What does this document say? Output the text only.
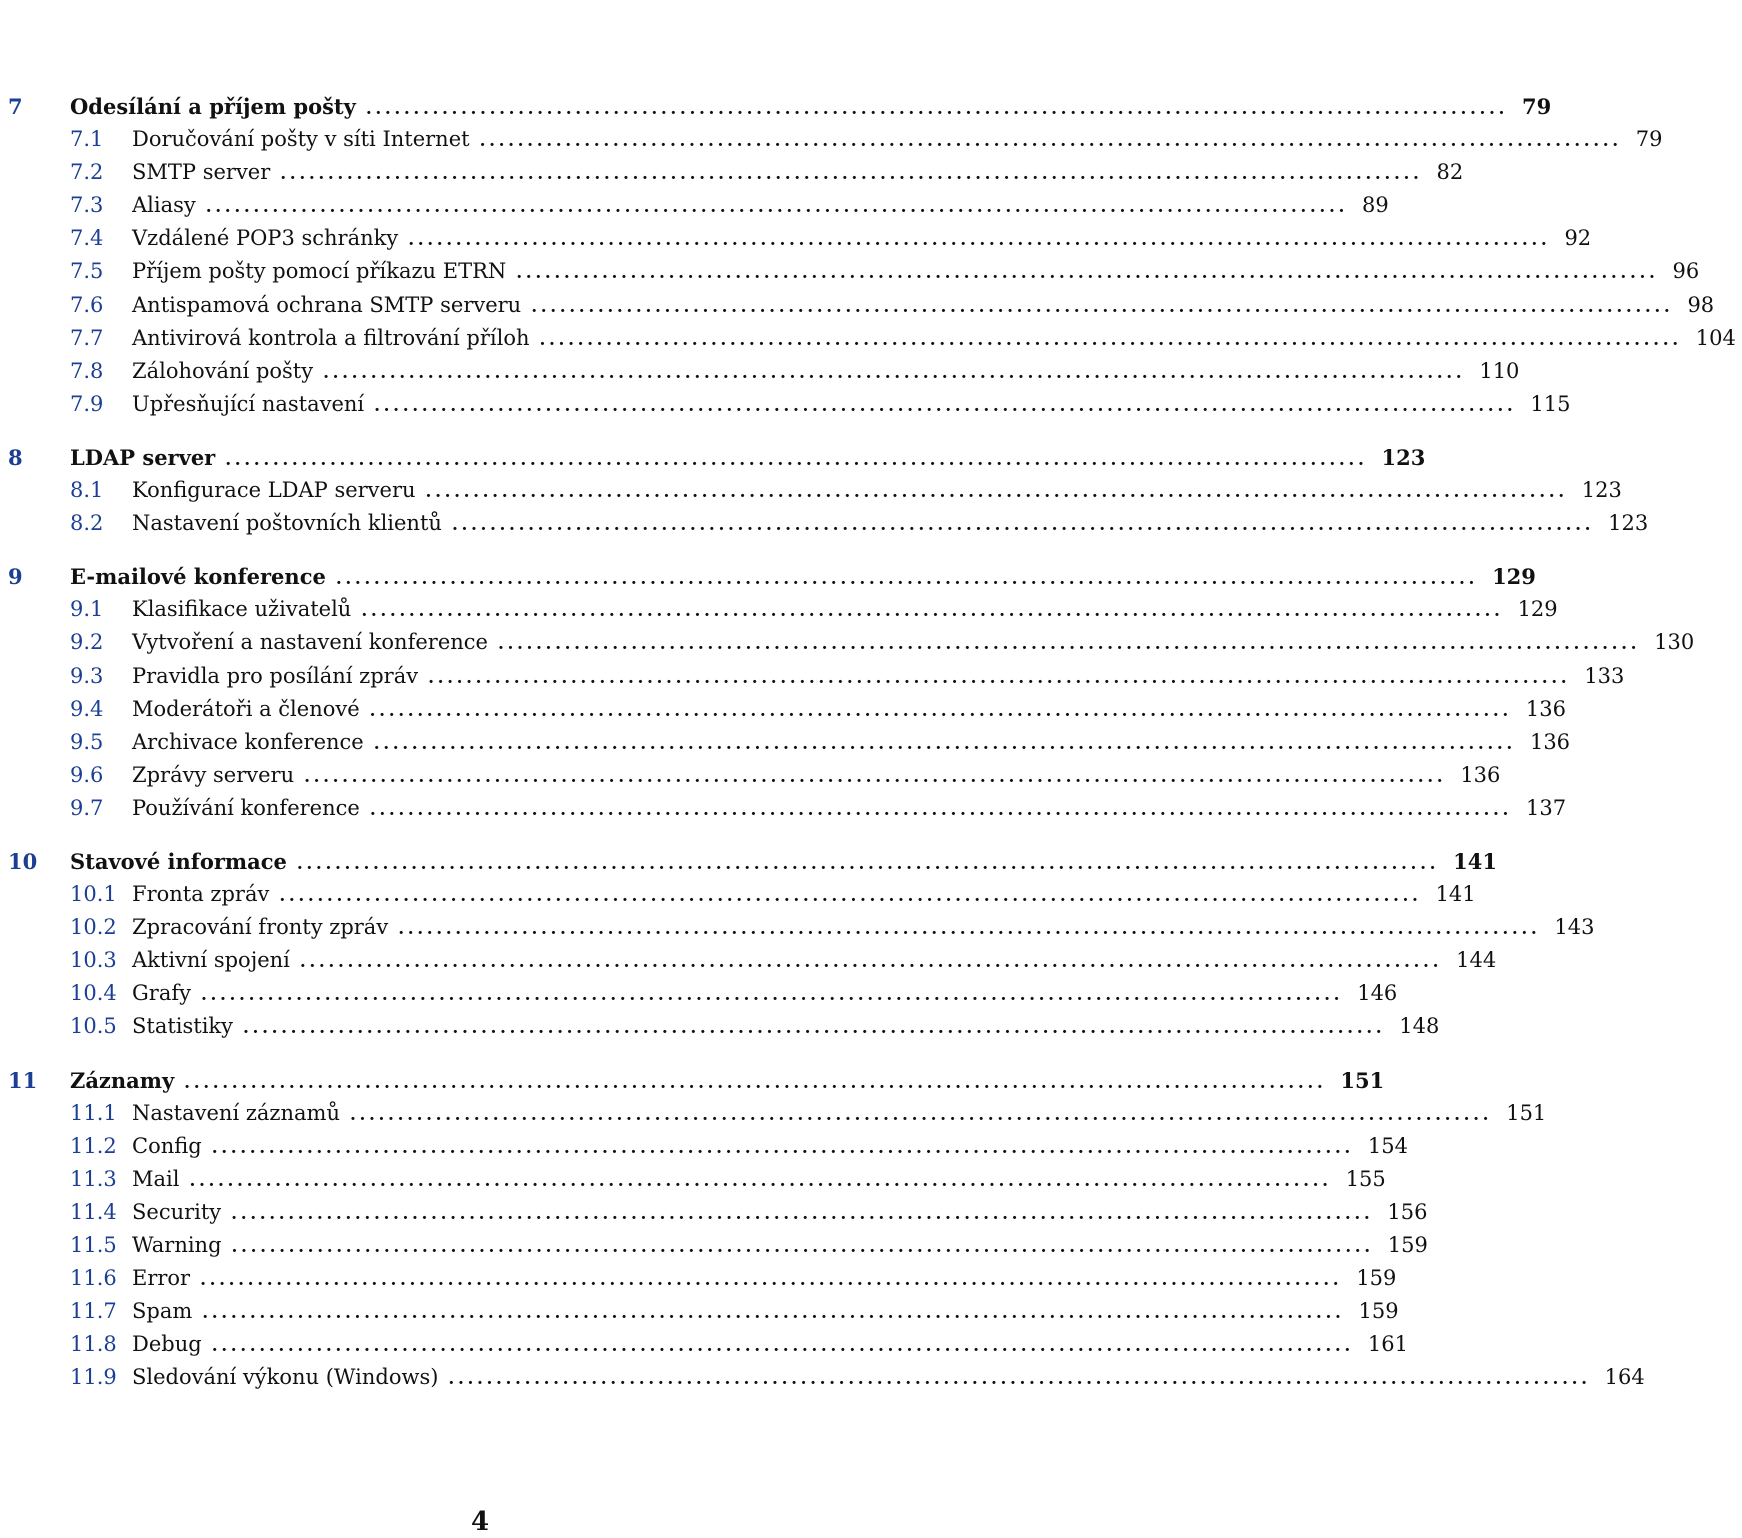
7 Odesílání a příjem pošty ........................................................................................................................ 79
7.1 Doručování pošty v síti Internet ........................................................................................................................ 79
7.2 SMTP server ........................................................................................................................ 82
7.3 Aliasy ........................................................................................................................ 89
7.4 Vzdálené POP3 schránky ........................................................................................................................ 92
7.5 Příjem pošty pomocí příkazu ETRN ........................................................................................................................ 96
7.6 Antispamová ochrana SMTP serveru ........................................................................................................................ 98
7.7 Antivirová kontrola a filtrování příloh ........................................................................................................................ 104
7.8 Zálohování pošty ........................................................................................................................ 110
7.9 Upřesňující nastavení ........................................................................................................................ 115
8 LDAP server ........................................................................................................................ 123
8.1 Konfigurace LDAP serveru ........................................................................................................................ 123
8.2 Nastavení poštovních klientů ........................................................................................................................ 123
9 E-mailové konference ........................................................................................................................ 129
9.1 Klasifikace uživatelů ........................................................................................................................ 129
9.2 Vytvoření a nastavení konference ........................................................................................................................ 130
9.3 Pravidla pro posílání zpráv ........................................................................................................................ 133
9.4 Moderátoři a členové ........................................................................................................................ 136
9.5 Archivace konference ........................................................................................................................ 136
9.6 Zprávy serveru ........................................................................................................................ 136
9.7 Používání konference ........................................................................................................................ 137
10 Stavové informace ........................................................................................................................ 141
10.1 Fronta zpráv ........................................................................................................................ 141
10.2 Zpracování fronty zpráv ........................................................................................................................ 143
10.3 Aktivní spojení ........................................................................................................................ 144
10.4 Grafy ........................................................................................................................ 146
10.5 Statistiky ........................................................................................................................ 148
11 Záznamy ........................................................................................................................ 151
11.1 Nastavení záznamů ........................................................................................................................ 151
11.2 Config ........................................................................................................................ 154
11.3 Mail ........................................................................................................................ 155
11.4 Security ........................................................................................................................ 156
11.5 Warning ........................................................................................................................ 159
11.6 Error ........................................................................................................................ 159
11.7 Spam ........................................................................................................................ 159
11.8 Debug ........................................................................................................................ 161
11.9 Sledování výkonu (Windows) ........................................................................................................................ 164
4
